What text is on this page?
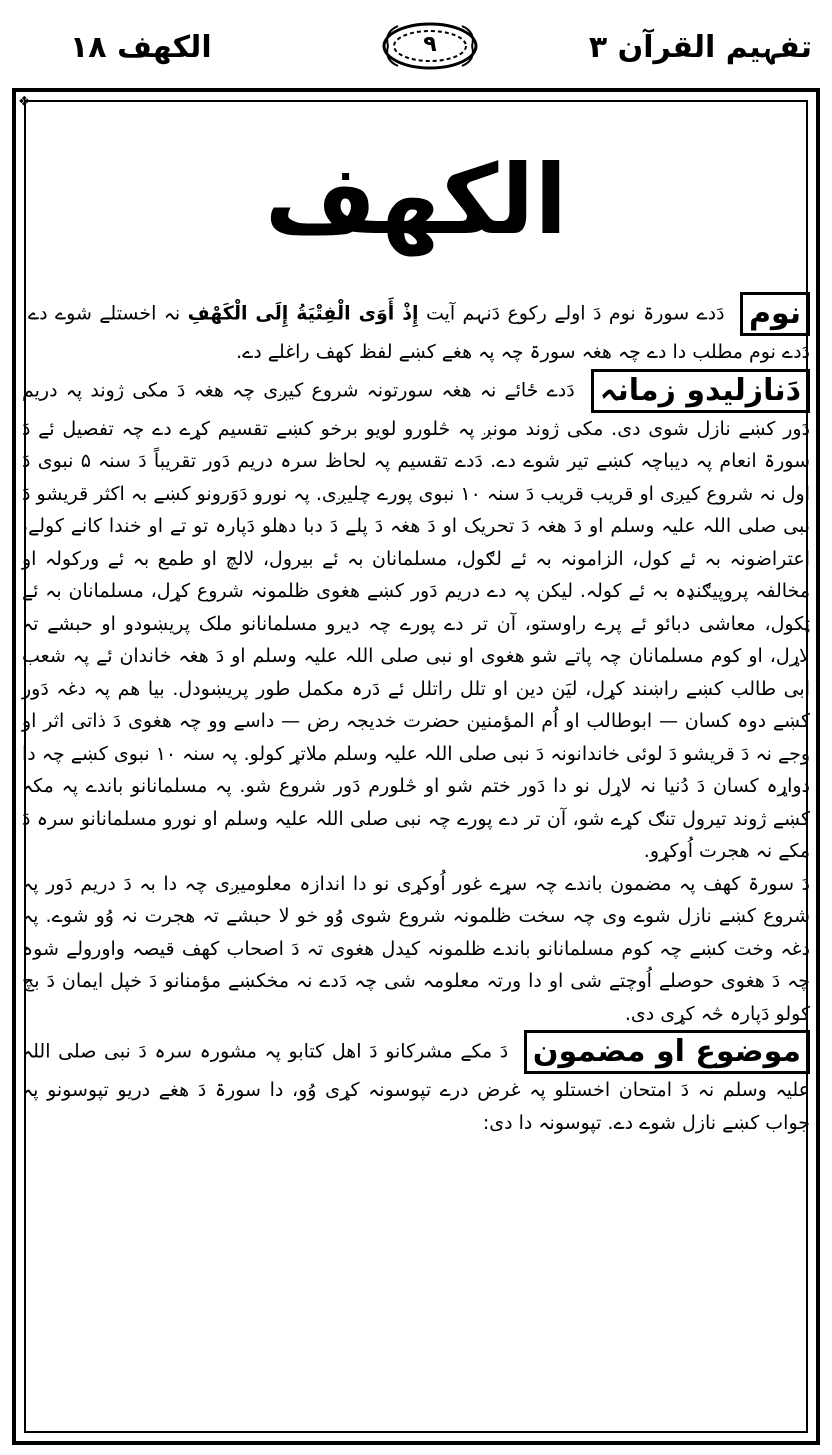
الکھف ۱۸	۹	تفہیم القرآن ۳
❖
الکھف

نوم دَدے سورۃ نوم دَ اولے رکوع دَنہم آیت إِذْ أَوَى الْفِتْيَةُ إِلَى الْكَهْفِ نہ اخستلے شوے دے. دَدے نوم مطلب دا دے چہ ھغہ سورۃ چہ پہ ھغے کښے لفظ کھف راغلے دے.

دَنازلیدو زمانہ دَدے ځائے نہ ھغہ سورتونہ شروع کیږی چہ ھغہ دَ مکی ژوند پہ دریم دَور کښے نازل شوی دی. مکی ژوند مونږ پہ څلورو لویو برخو کښے تقسیم کړے دے چہ تفصیل ئے دَ سورۃ انعام پہ دیباچہ کښے تیر شوے دے. دَدے تقسیم پہ لحاظ سرہ دریم دَور تقریباً دَ سنہ ۵ نبوی دَ اول نہ شروع کیږی او قریب قریب دَ سنہ ۱۰ نبوی پورے چلیږی. پہ نورو دَوَرونو کښے بہ اکثر قریشو دَ نبی صلی اللہ علیہ وسلم او دَ ھغہ دَ تحریک او دَ ھغہ دَ پلے دَ دبا دھلو دَپارہ تو تے او خندا کانے کولے، اعتراضونہ بہ ئے کول، الزامونہ بہ ئے لګول، مسلمانان بہ ئے بیرول، لالچ او طمع بہ ئے ورکولہ او مخالفہ پروپیګنډہ بہ ئے کولہ. لیکن پہ دے دریم دَور کښے ھغوی ظلمونہ شروع کړل، مسلمانان بہ ئے ټکول، معاشی دبائو ئے پرے راوستو، آن تر دے پورے چہ دیرو مسلمانانو ملک پریښودو او حبشے تہ لاړل، او کوم مسلمانان چہ پاتے شو ھغوی او نبی صلی اللہ علیہ وسلم او دَ ھغہ خاندان ئے پہ شعب ابی طالب کښے راښند کړل، لیَن دین او تلل راتلل ئے دَرہ مکمل طور پریښودل. بیا ھم پہ دغہ دَور کښے دوہ کسان — ابوطالب او اُم المؤمنین حضرت خدیجہ رض — داسے وو چہ ھغوی دَ ذاتی اثر او وجے نہ دَ قریشو دَ لوئی خاندانونہ دَ نبی صلی اللہ علیہ وسلم ملاتړ کولو. پہ سنہ ۱۰ نبوی کښے چہ دا دواړہ کسان دَ دُنیا نہ لاړل نو دا دَور ختم شو او څلورم دَور شروع شو. پہ مسلمانانو باندے پہ مکہ کښے ژوند تیرول تنګ کړے شو، آن تر دے پورے چہ نبی صلی اللہ علیہ وسلم او نورو مسلمانانو سرہ دَ مکے نہ ھجرت اُوکړو.

دَ سورۃ کھف پہ مضمون باندے چہ سړے غور اُوکړی نو دا اندازہ معلومیږی چہ دا بہ دَ دریم دَور پہ شروع کښے نازل شوے وی چہ سخت ظلمونہ شروع شوی وُو خو لا حبشے تہ ھجرت نہ وُو شوے. پہ دغہ وخت کښے چہ کوم مسلمانانو باندے ظلمونہ کیدل ھغوی تہ دَ اصحاب کھف قیصہ واورولے شوہ چہ دَ ھغوی حوصلے اُوچتے شی او دا ورتہ معلومہ شی چہ دَدے نہ مخکښے مؤمنانو دَ خپل ایمان دَ بچ کولو دَپارہ څہ کړی دی.

موضوع او مضمون دَ مکے مشرکانو دَ اھل کتابو پہ مشورہ سرہ دَ نبی صلی اللہ علیہ وسلم نہ دَ امتحان اخستلو پہ غرض درے تپوسونہ کړی وُو، دا سورۃ دَ ھغے دریو تپوسونو پہ جواب کښے نازل شوے دے. تپوسونہ دا دی:
